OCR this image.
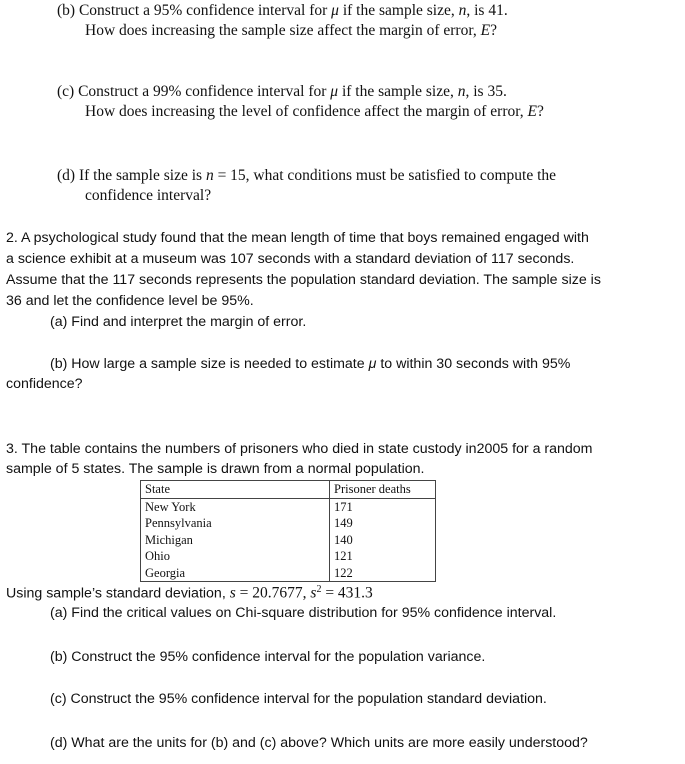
(b) Construct a 95% confidence interval for μ if the sample size, n, is 41.
How does increasing the sample size affect the margin of error, E?
(c) Construct a 99% confidence interval for μ if the sample size, n, is 35.
How does increasing the level of confidence affect the margin of error, E?
(d) If the sample size is n = 15, what conditions must be satisfied to compute the
confidence interval?
2. A psychological study found that the mean length of time that boys remained engaged with
a science exhibit at a museum was 107 seconds with a standard deviation of 117 seconds.
Assume that the 117 seconds represents the population standard deviation. The sample size is
36 and let the confidence level be 95%.
(a) Find and interpret the margin of error.
(b) How large a sample size is needed to estimate μ to within 30 seconds with 95%
confidence?
3. The table contains the numbers of prisoners who died in state custody in2005 for a random
sample of 5 states. The sample is drawn from a normal population.
State	Prisoner deaths
New York	171
Pennsylvania	149
Michigan	140
Ohio	121
Georgia	122
Using sample’s standard deviation, s = 20.7677, $s^2 = 431.3$
(a) Find the critical values on Chi-square distribution for 95% confidence interval.
(b) Construct the 95% confidence interval for the population variance.
(c) Construct the 95% confidence interval for the population standard deviation.
(d) What are the units for (b) and (c) above? Which units are more easily understood?
